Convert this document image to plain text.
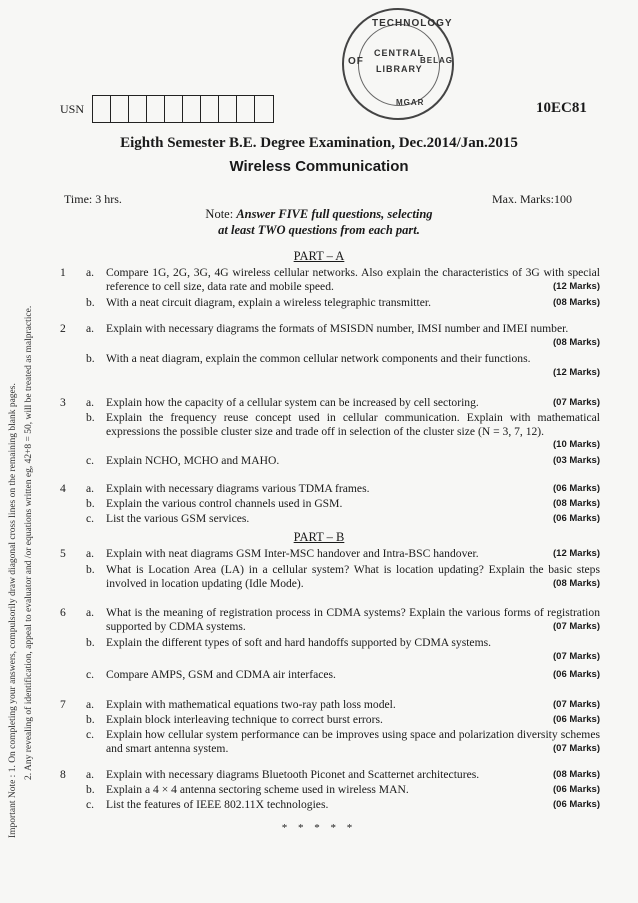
TECHNOLOGY
OF	BELAG
CENTRAL
LIBRARY
MGAR
USN	10EC81
Eighth Semester B.E. Degree Examination, Dec.2014/Jan.2015
Wireless Communication
Time: 3 hrs.	Max. Marks:100
Note: Answer FIVE full questions, selecting
at least TWO questions from each part.
PART – A
1	a.	Compare 1G, 2G, 3G, 4G wireless cellular networks. Also explain the characteristics of 3G with special reference to cell size, data rate and mobile speed.	(12 Marks)
b. With a neat circuit diagram, explain a wireless telegraphic transmitter.	(08 Marks)
2	a.	Explain with necessary diagrams the formats of MSISDN number, IMSI number and IMEI number.
(08 Marks)
b. With a neat diagram, explain the common cellular network components and their functions.
(12 Marks)
3	a.	Explain how the capacity of a cellular system can be increased by cell sectoring.	(07 Marks)
b. Explain the frequency reuse concept used in cellular communication. Explain with mathematical expressions the possible cluster size and trade off in selection of the cluster size (N = 3, 7, 12).
(10 Marks)
c.	Explain NCHO, MCHO and MAHO.	(03 Marks)
4	a.	Explain with necessary diagrams various TDMA frames.	(06 Marks)
b. Explain the various control channels used in GSM.	(08 Marks)
c.	List the various GSM services.	(06 Marks)
PART – B
5	a.	Explain with neat diagrams GSM Inter-MSC handover and Intra-BSC handover.	(12 Marks)
b. What is Location Area (LA) in a cellular system? What is location updating? Explain the basic steps involved in location updating (Idle Mode).	(08 Marks)
6	a.	What is the meaning of registration process in CDMA systems? Explain the various forms of registration supported by CDMA systems.	(07 Marks)
b. Explain the different types of soft and hard handoffs supported by CDMA systems.
(07 Marks)
c.	Compare AMPS, GSM and CDMA air interfaces.	(06 Marks)
7	a.	Explain with mathematical equations two-ray path loss model.	(07 Marks)
b. Explain block interleaving technique to correct burst errors.	(06 Marks)
c.	Explain how cellular system performance can be improves using space and polarization diversity schemes and smart antenna system.	(07 Marks)
8	a.	Explain with necessary diagrams Bluetooth Piconet and Scatternet architectures.	(08 Marks)
b. Explain a 4 × 4 antenna sectoring scheme used in wireless MAN.	(06 Marks)
c.	List the features of IEEE 802.11X technologies.	(06 Marks)
* * * * *
Important Note : 1. On completing your answers, compulsorily draw diagonal cross lines on the remaining blank pages. 2. Any revealing of identification, appeal to evaluator and /or equations written eg, 42+8 = 50, will be treated as malpractice.
